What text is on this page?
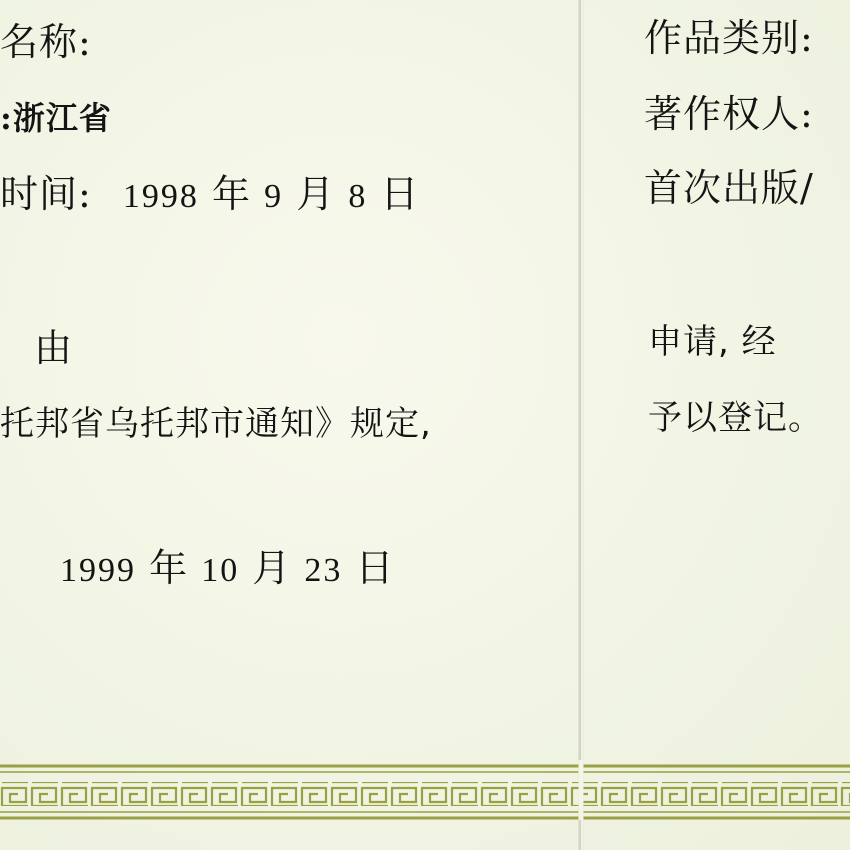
名称:
:浙江省
时间: 1998 年 9 月 8 日
由
托邦省乌托邦市通知》规定,
1999 年 10 月 23 日
作品类别:
著作权人:
首次出版/
申请, 经
予以登记。
